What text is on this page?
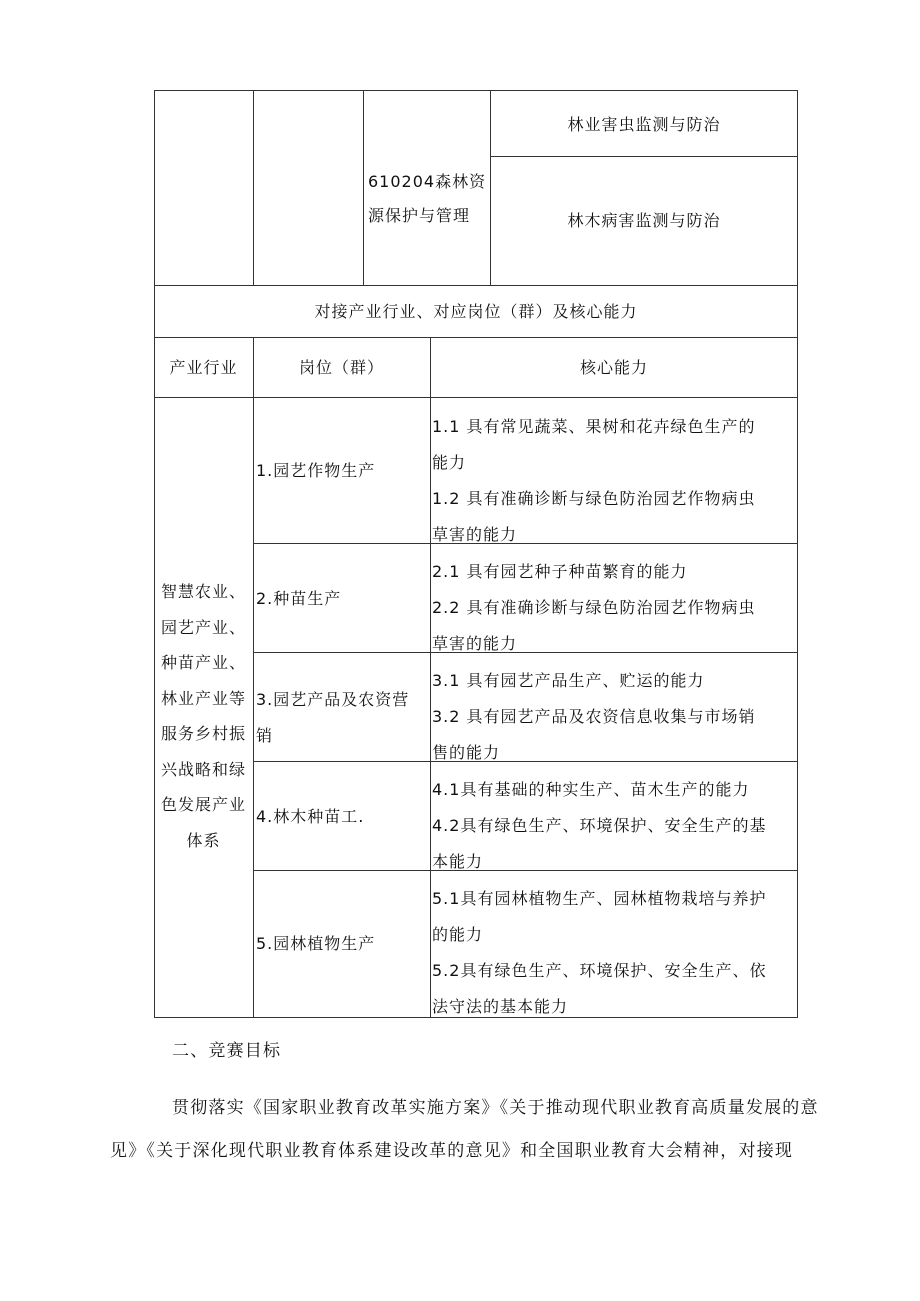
610204森林资
源保护与管理
林业害虫监测与防治
林木病害监测与防治
对接产业行业、对应岗位（群）及核心能力
产业行业	岗位（群）	核心能力
智慧农业、
园艺产业、
种苗产业、
林业产业等
服务乡村振
兴战略和绿
色发展产业
体系
1.园艺作物生产
1.1 具有常见蔬菜、果树和花卉绿色生产的
能力
1.2 具有准确诊断与绿色防治园艺作物病虫
草害的能力
2.种苗生产
2.1 具有园艺种子种苗繁育的能力
2.2 具有准确诊断与绿色防治园艺作物病虫
草害的能力
3.园艺产品及农资营
销
3.1 具有园艺产品生产、贮运的能力
3.2 具有园艺产品及农资信息收集与市场销
售的能力
4.林木种苗工.
4.1具有基础的种实生产、苗木生产的能力
4.2具有绿色生产、环境保护、安全生产的基
本能力
5.园林植物生产
5.1具有园林植物生产、园林植物栽培与养护
的能力
5.2具有绿色生产、环境保护、安全生产、依
法守法的基本能力
二、竞赛目标
贯彻落实《国家职业教育改革实施方案》《关于推动现代职业教育高质量发展的意
见》《关于深化现代职业教育体系建设改革的意见》和全国职业教育大会精神，对接现
